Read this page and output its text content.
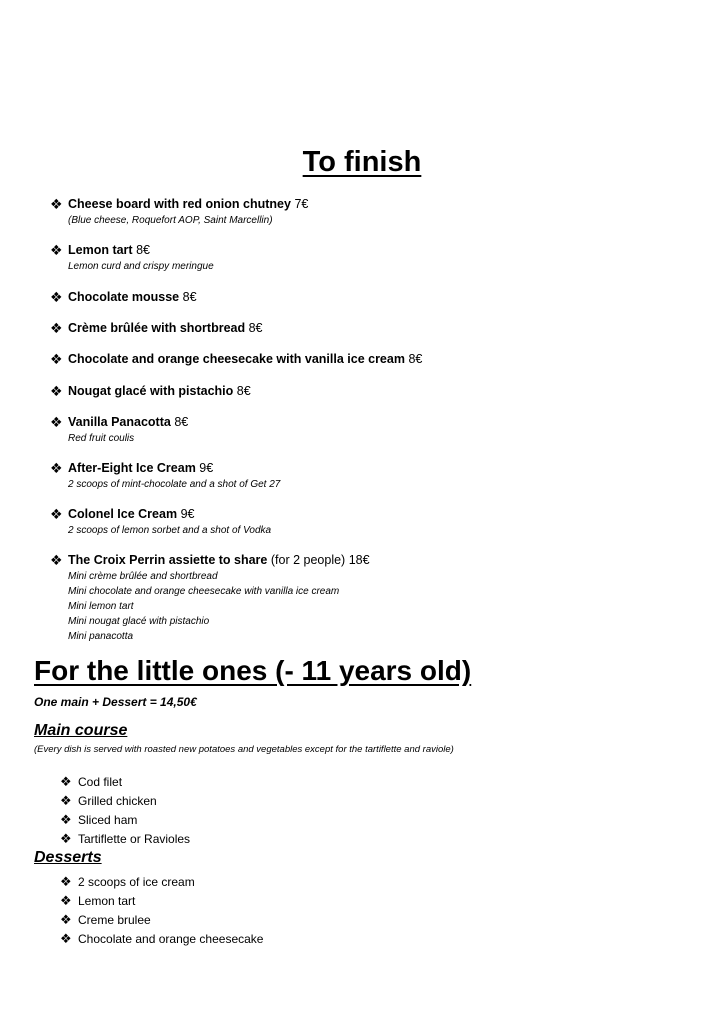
To finish
❖ Cheese board with red onion chutney 7€
(Blue cheese, Roquefort AOP, Saint Marcellin)
❖ Lemon tart 8€
Lemon curd and crispy meringue
❖ Chocolate mousse 8€
❖ Crème brûlée with shortbread 8€
❖ Chocolate and orange cheesecake with vanilla ice cream 8€
❖ Nougat glacé with pistachio 8€
❖ Vanilla Panacotta 8€
Red fruit coulis
❖ After-Eight Ice Cream 9€
2 scoops of mint-chocolate and a shot of Get 27
❖ Colonel Ice Cream 9€
2 scoops of lemon sorbet and a shot of Vodka
❖ The Croix Perrin assiette to share (for 2 people) 18€
Mini crème brûlée and shortbread
Mini chocolate and orange cheesecake with vanilla ice cream
Mini lemon tart
Mini nougat glacé with pistachio
Mini panacotta
For the little ones (- 11 years old)
One main + Dessert = 14,50€
Main course
(Every dish is served with roasted new potatoes and vegetables except for the tartiflette and raviole)
❖ Cod filet
❖ Grilled chicken
❖ Sliced ham
❖ Tartiflette or Ravioles
Desserts
❖ 2 scoops of ice cream
❖ Lemon tart
❖ Creme brulee
❖ Chocolate and orange cheesecake
